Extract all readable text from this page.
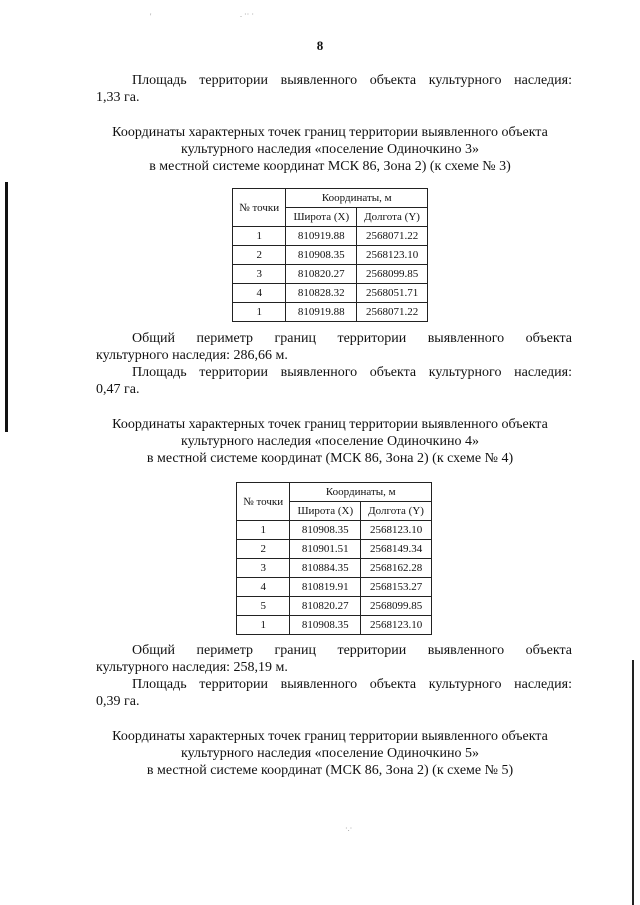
'	. ·· ·
·.·
8
Площадь территории выявленного объекта культурного наследия:
1,33 га.
Координаты характерных точек границ территории выявленного объекта
культурного наследия «поселение Одиночкино 3»
в местной системе координат МСК 86, Зона 2) (к схеме № 3)
№ точки	Координаты, м	
	Широта (X)	Долгота (Y)
1	810919.88	2568071.22
2	810908.35	2568123.10
3	810820.27	2568099.85
4	810828.32	2568051.71
1	810919.88	2568071.22
Общий периметр границ территории выявленного объекта
культурного наследия: 286,66 м.
Площадь территории выявленного объекта культурного наследия:
0,47 га.
Координаты характерных точек границ территории выявленного объекта
культурного наследия «поселение Одиночкино 4»
в местной системе координат (МСК 86, Зона 2) (к схеме № 4)
№ точки	Координаты, м	
	Широта (X)	Долгота (Y)
1	810908.35	2568123.10
2	810901.51	2568149.34
3	810884.35	2568162.28
4	810819.91	2568153.27
5	810820.27	2568099.85
1	810908.35	2568123.10
Общий периметр границ территории выявленного объекта
культурного наследия: 258,19 м.
Площадь территории выявленного объекта культурного наследия:
0,39 га.
Координаты характерных точек границ территории выявленного объекта
культурного наследия «поселение Одиночкино 5»
в местной системе координат (МСК 86, Зона 2) (к схеме № 5)
